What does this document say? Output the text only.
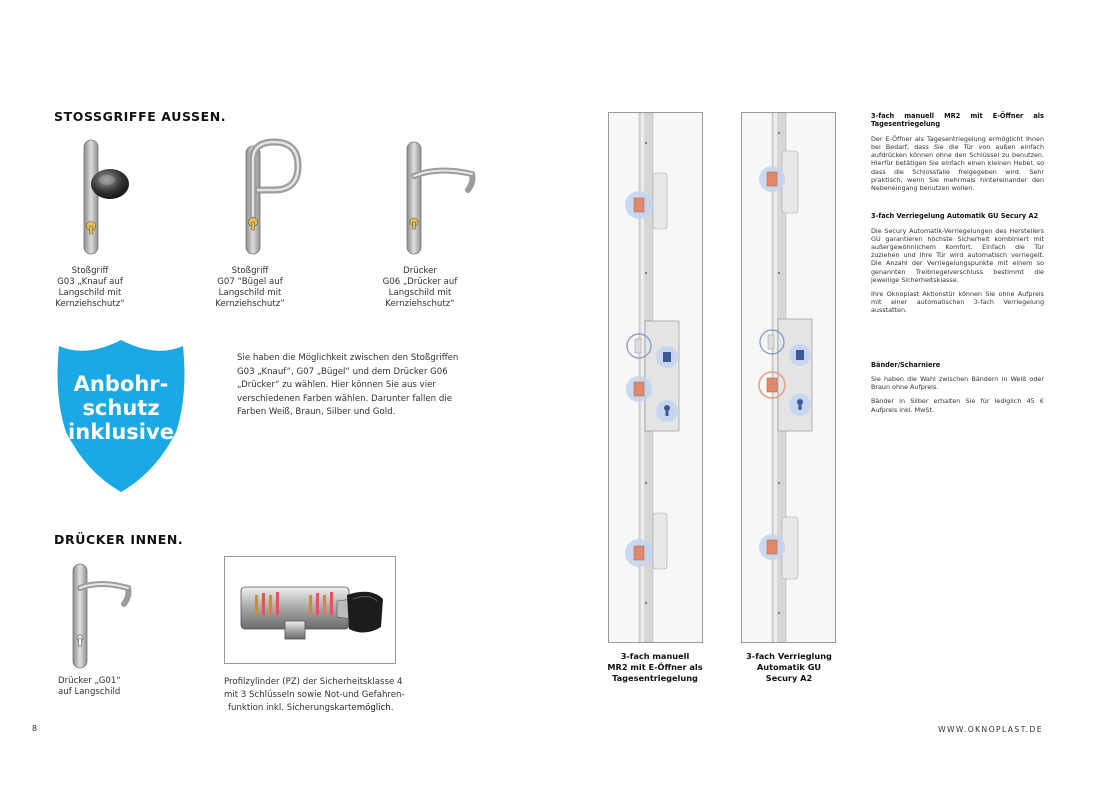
STOSSGRIFFE AUSSEN.
Stoßgriff
G03 „Knauf auf
Langschild mit
Kernziehschutz“
Stoßgriff
G07 “Bügel auf
Langschild mit
Kernziehschutz”
Drücker
G06 „Drücker auf
Langschild mit
Kernziehschutz“
Anbohr-
schutz
inklusive
Sie haben die Möglichkeit zwischen den Stoßgriffen G03 „Knauf“, G07 „Bügel“ und dem Drücker G06 „Drücker“ zu wählen. Hier können Sie aus vier verschiedenen Farben wählen. Darunter fallen die Farben Weiß, Braun, Silber und Gold.
DRÜCKER INNEN.
Drücker „G01“
auf Langschild
Profilzylinder (PZ) der Sicherheitsklasse 4
mit 3 Schlüsseln sowie Not-und Gefahren-
funktion inkl. Sicherungskartemöglich.
8
3-fach manuell
MR2 mit E-Öffner als
Tagesentriegelung
3-fach Verrieglung
Automatik GU
Secury A2
3-fach manuell MR2 mit E-Öffner als Tagesentriegelung
Der E-Öffner als Tagesentriegelung ermöglicht Ihnen bei Bedarf, dass Sie die Tür von außen einfach aufdrücken können ohne den Schlüssel zu benutzen. Hierfür betätigen Sie einfach einen kleinen Hebel, so dass die Schlossfalle freigegeben wird. Sehr praktisch, wenn Sie mehrmals hintereinander den Nebeneingang benutzen wollen.
3-fach Verriegelung Automatik GU Secury A2
Die Secury Automatik-Verriegelungen des Herstellers GU garantieren höchste Sicherheit kombiniert mit außergewöhnlichem Komfort. Einfach die Tür zuziehen und Ihre Tür wird automatisch verriegelt. Die Anzahl der Verriegelungspunkte mit einem so genannten Treibriegelverschluss bestimmt die jeweilige Sicherheitsklasse.
Ihre Oknoplast Aktionstür können Sie ohne Aufpreis mit einer automatischen 3-fach Verriegelung ausstatten.
Bänder/Scharniere
Sie haben die Wahl zwischen Bändern in Weiß oder Braun ohne Aufpreis.
Bänder in Silber erhalten Sie für lediglich 45 € Aufpreis inkl. MwSt.
WWW.OKNOPLAST.DE
